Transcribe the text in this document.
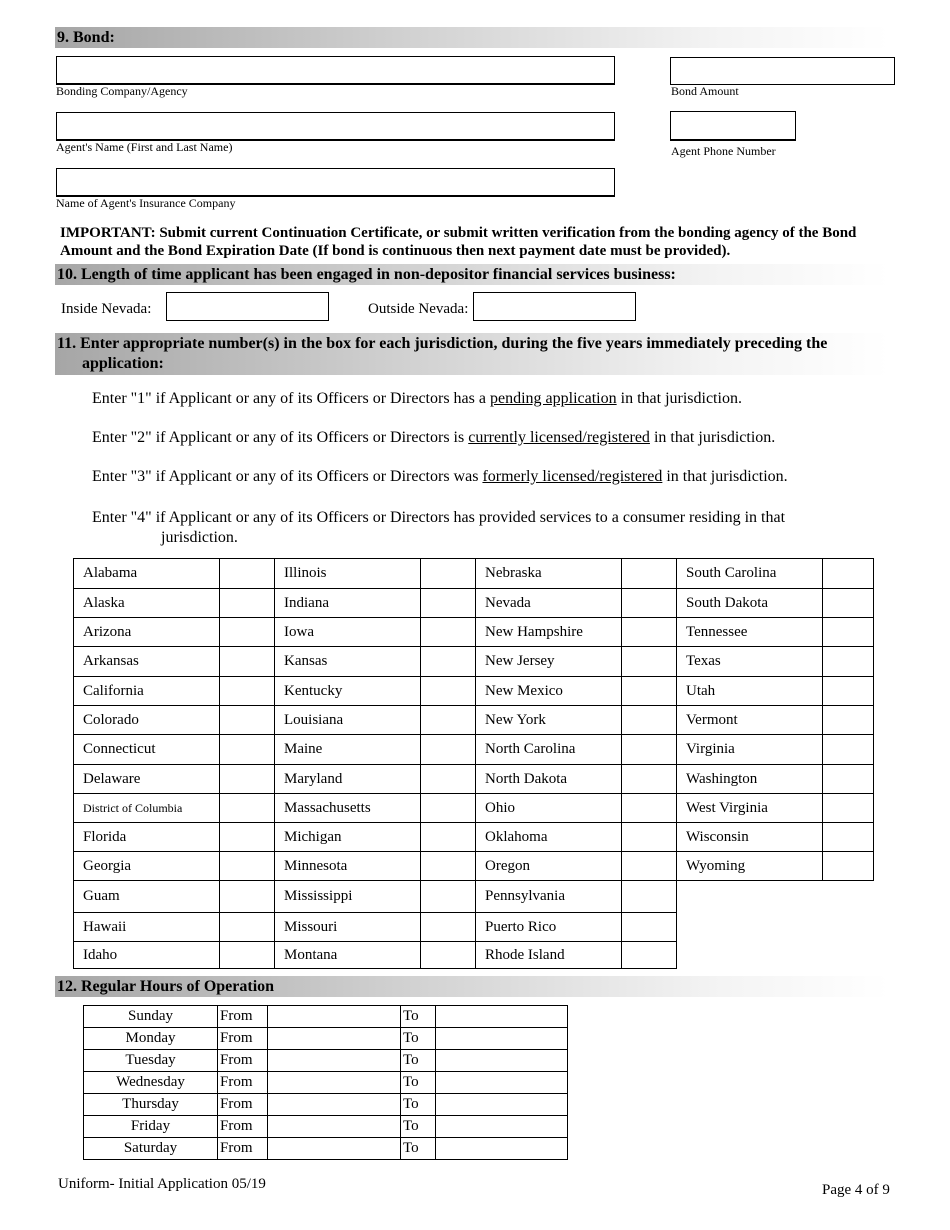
9. Bond:
Bonding Company/Agency	Bond Amount
Agent's Name (First and Last Name)	Agent Phone Number
Name of Agent's Insurance Company
IMPORTANT: Submit current Continuation Certificate, or submit written verification from the bonding agency of the Bond
Amount and the Bond Expiration Date (If bond is continuous then next payment date must be provided).
10. Length of time applicant has been engaged in non-depositor financial services business:
Inside Nevada:	Outside Nevada:
11. Enter appropriate number(s) in the box for each jurisdiction, during the five years immediately preceding the
application:
Enter "1" if Applicant or any of its Officers or Directors has a pending application in that jurisdiction.
Enter "2" if Applicant or any of its Officers or Directors is currently licensed/registered in that jurisdiction.
Enter "3" if Applicant or any of its Officers or Directors was formerly licensed/registered in that jurisdiction.
Enter "4" if Applicant or any of its Officers or Directors has provided services to a consumer residing in that
jurisdiction.
Alabama		Illinois		Nebraska		South Carolina	
Alaska		Indiana		Nevada		South Dakota	
Arizona		Iowa		New Hampshire		Tennessee	
Arkansas		Kansas		New Jersey		Texas	
California		Kentucky		New Mexico		Utah	
Colorado		Louisiana		New York		Vermont	
Connecticut		Maine		North Carolina		Virginia	
Delaware		Maryland		North Dakota		Washington	
District of Columbia		Massachusetts		Ohio		West Virginia	
Florida		Michigan		Oklahoma		Wisconsin	
Georgia		Minnesota		Oregon		Wyoming	
Guam		Mississippi		Pennsylvania			
Hawaii		Missouri		Puerto Rico			
Idaho		Montana		Rhode Island			
12. Regular Hours of Operation
Sunday	From		To	
Monday	From		To	
Tuesday	From		To	
Wednesday	From		To	
Thursday	From		To	
Friday	From		To	
Saturday	From		To	
Uniform- Initial Application 05/19	Page 4 of 9
